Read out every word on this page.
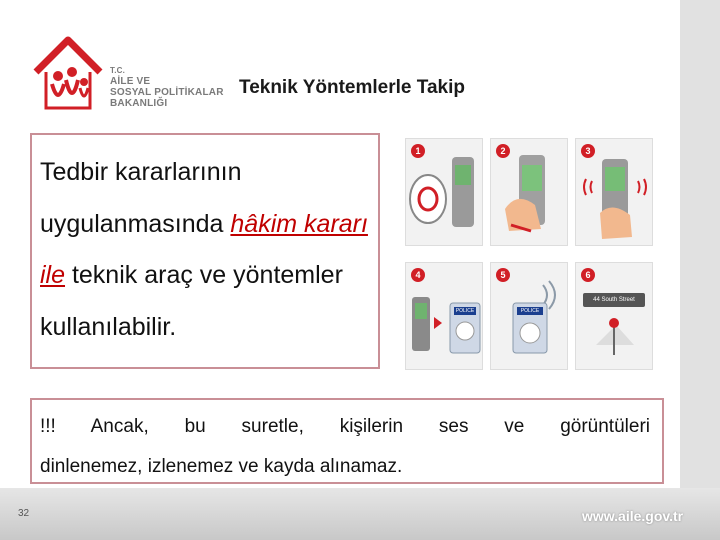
T.C.
AİLE VE
SOSYAL POLİTİKALAR
BAKANLIĞI
Teknik Yöntemlerle Takip
Tedbir kararlarının uygulanmasında hâkim kararı ile teknik araç ve yöntemler kullanılabilir.
1	2	3
4
POLICE
5
POLICE
6
44 South Street
!!! Ancak, bu suretle, kişilerin ses ve görüntüleri
dinlenemez, izlenemez ve kayda alınamaz.
32	www.aile.gov.tr
